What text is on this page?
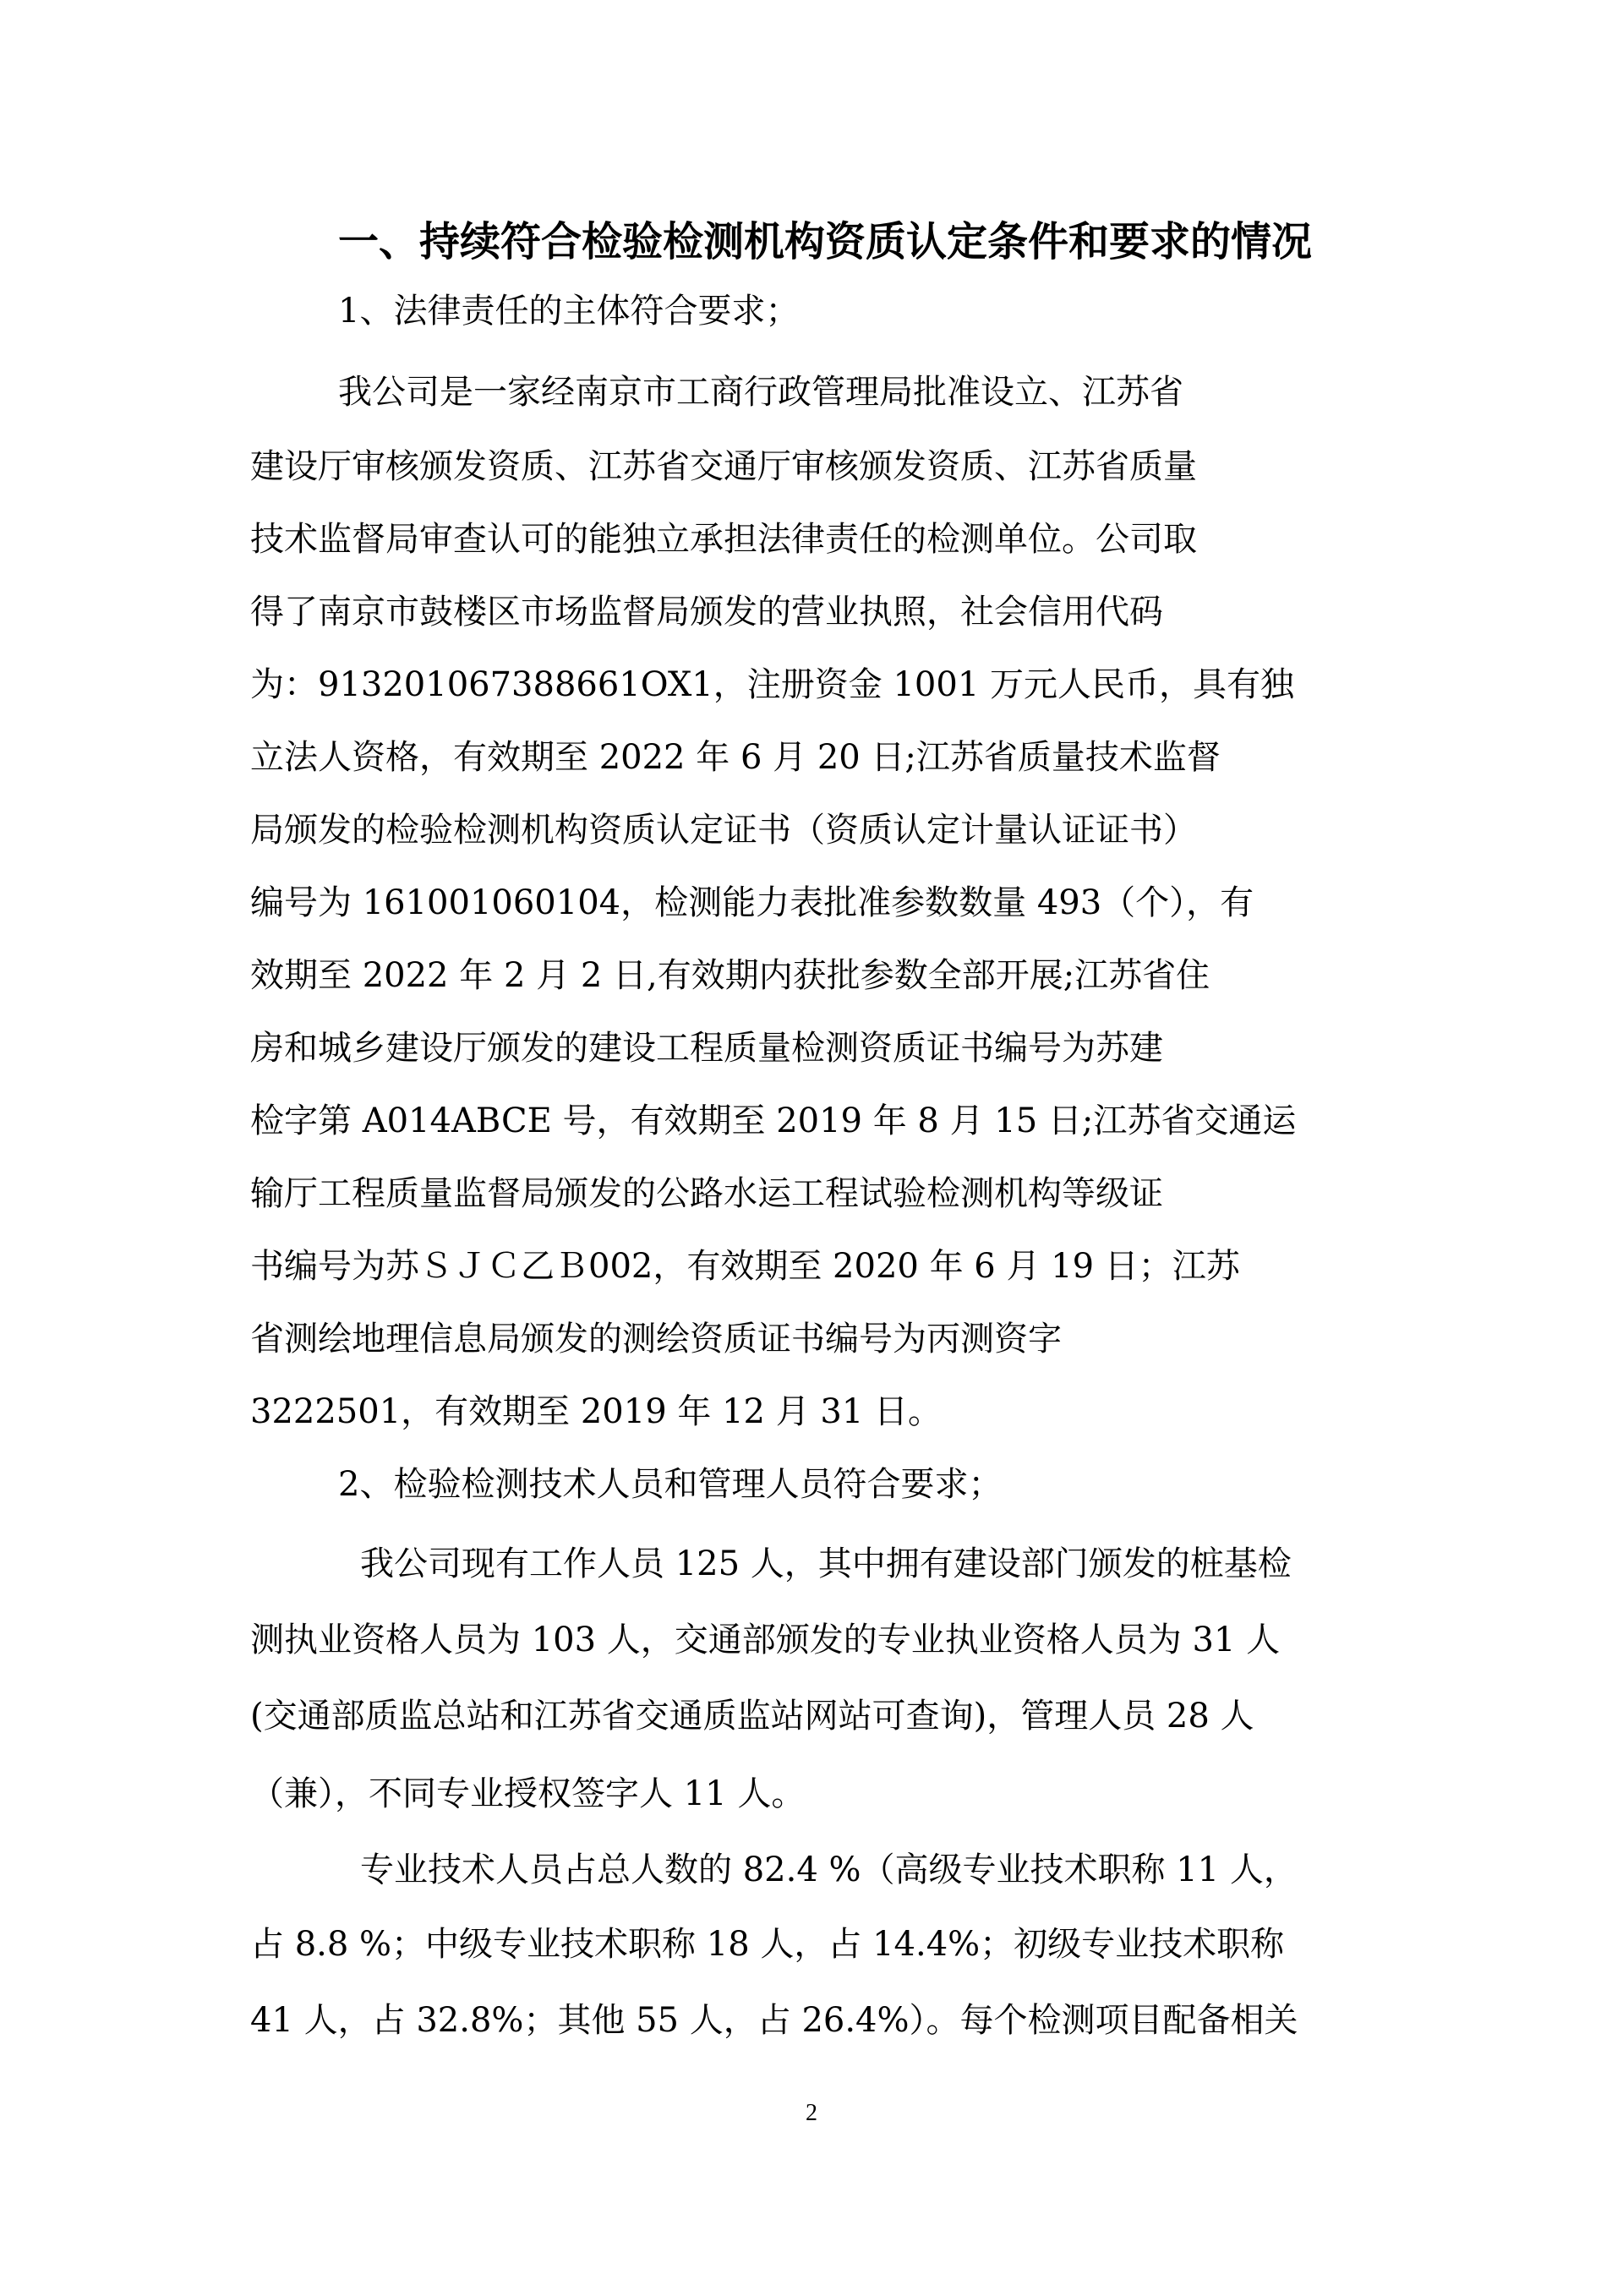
一、持续符合检验检测机构资质认定条件和要求的情况
1、法律责任的主体符合要求；
我公司是一家经南京市工商行政管理局批准设立、江苏省
建设厅审核颁发资质、江苏省交通厅审核颁发资质、江苏省质量
技术监督局审查认可的能独立承担法律责任的检测单位。公司取
得了南京市鼓楼区市场监督局颁发的营业执照，社会信用代码
为：913201067388661OX1，注册资金 1001 万元人民币，具有独
立法人资格，有效期至 2022 年 6 月 20 日;江苏省质量技术监督
局颁发的检验检测机构资质认定证书（资质认定计量认证证书）
编号为 161001060104，检测能力表批准参数数量 493（个），有
效期至 2022 年 2 月 2 日,有效期内获批参数全部开展;江苏省住
房和城乡建设厅颁发的建设工程质量检测资质证书编号为苏建
检字第 A014ABCE 号，有效期至 2019 年 8 月 15 日;江苏省交通运
输厅工程质量监督局颁发的公路水运工程试验检测机构等级证
书编号为苏ＳＪＣ乙Ｂ002，有效期至 2020 年 6 月 19 日；江苏
省测绘地理信息局颁发的测绘资质证书编号为丙测资字
3222501，有效期至 2019 年 12 月 31 日。
2、检验检测技术人员和管理人员符合要求；
我公司现有工作人员 125 人，其中拥有建设部门颁发的桩基检
测执业资格人员为 103 人，交通部颁发的专业执业资格人员为 31 人
(交通部质监总站和江苏省交通质监站网站可查询)，管理人员 28 人
（兼），不同专业授权签字人 11 人。
专业技术人员占总人数的 82.4 %（高级专业技术职称 11 人，
占 8.8 %；中级专业技术职称 18 人，占 14.4%；初级专业技术职称
41 人，占 32.8%；其他 55 人，占 26.4%）。每个检测项目配备相关
2
